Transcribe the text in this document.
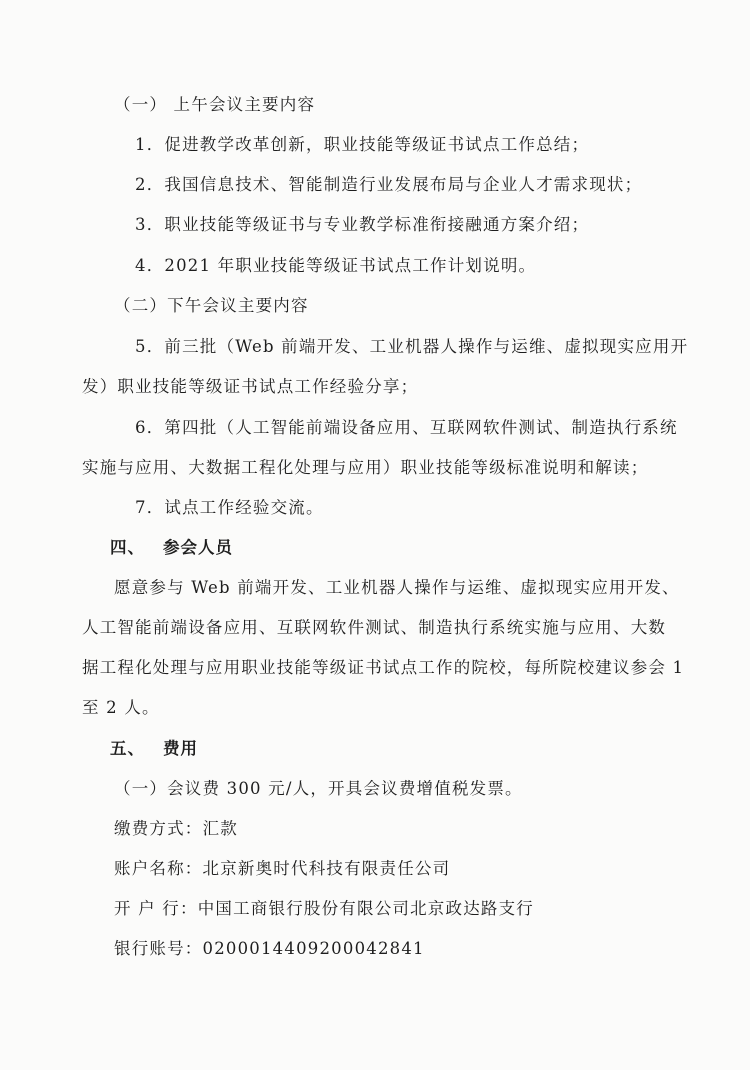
（一） 上午会议主要内容
1．促进教学改革创新，职业技能等级证书试点工作总结；
2．我国信息技术、智能制造行业发展布局与企业人才需求现状；
3．职业技能等级证书与专业教学标准衔接融通方案介绍；
4．2021 年职业技能等级证书试点工作计划说明。
（二）下午会议主要内容
5．前三批（Web 前端开发、工业机器人操作与运维、虚拟现实应用开
发）职业技能等级证书试点工作经验分享；
6．第四批（人工智能前端设备应用、互联网软件测试、制造执行系统
实施与应用、大数据工程化处理与应用）职业技能等级标准说明和解读；
7．试点工作经验交流。
四、 参会人员
愿意参与 Web 前端开发、工业机器人操作与运维、虚拟现实应用开发、
人工智能前端设备应用、互联网软件测试、制造执行系统实施与应用、大数
据工程化处理与应用职业技能等级证书试点工作的院校，每所院校建议参会 1
至 2 人。
五、 费用
（一）会议费 300 元/人，开具会议费增值税发票。
缴费方式：汇款
账户名称：北京新奥时代科技有限责任公司
开 户 行：中国工商银行股份有限公司北京政达路支行
银行账号：0200014409200042841
